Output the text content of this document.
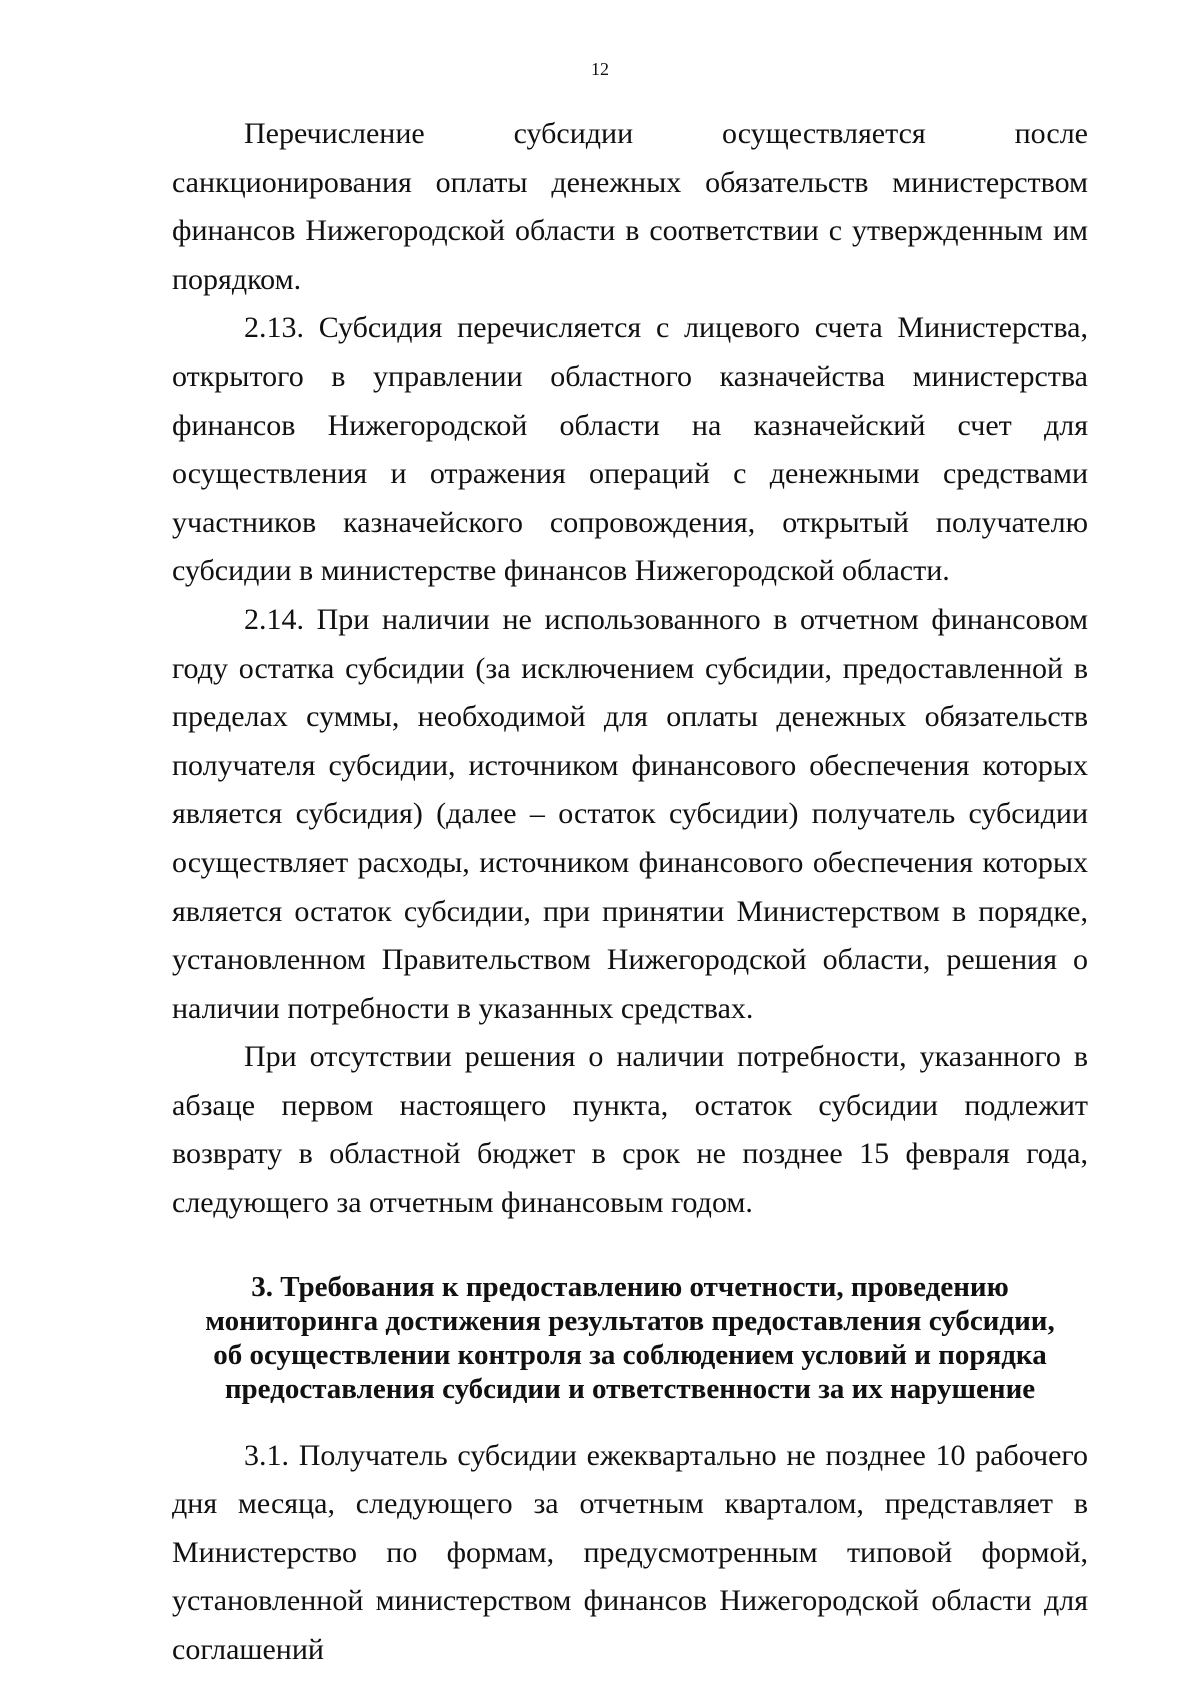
12

Перечисление субсидии осуществляется после санкционирования оплаты денежных обязательств министерством финансов Нижегородской области в соответствии с утвержденным им порядком.

2.13. Субсидия перечисляется с лицевого счета Министерства, открытого в управлении областного казначейства министерства финансов Нижегородской области на казначейский счет для осуществления и отражения операций с денежными средствами участников казначейского сопровождения, открытый получателю субсидии в министерстве финансов Нижегородской области.

2.14. При наличии не использованного в отчетном финансовом году остатка субсидии (за исключением субсидии, предоставленной в пределах суммы, необходимой для оплаты денежных обязательств получателя субсидии, источником финансового обеспечения которых является субсидия) (далее – остаток субсидии) получатель субсидии осуществляет расходы, источником финансового обеспечения которых является остаток субсидии, при принятии Министерством в порядке, установленном Правительством Нижегородской области, решения о наличии потребности в указанных средствах.

При отсутствии решения о наличии потребности, указанного в абзаце первом настоящего пункта, остаток субсидии подлежит возврату в областной бюджет в срок не позднее 15 февраля года, следующего за отчетным финансовым годом.

3. Требования к предоставлению отчетности, проведению
мониторинга достижения результатов предоставления субсидии,
об осуществлении контроля за соблюдением условий и порядка
предоставления субсидии и ответственности за их нарушение

3.1. Получатель субсидии ежеквартально не позднее 10 рабочего дня месяца, следующего за отчетным кварталом, представляет в Министерство по формам, предусмотренным типовой формой, установленной министерством финансов Нижегородской области для соглашений
